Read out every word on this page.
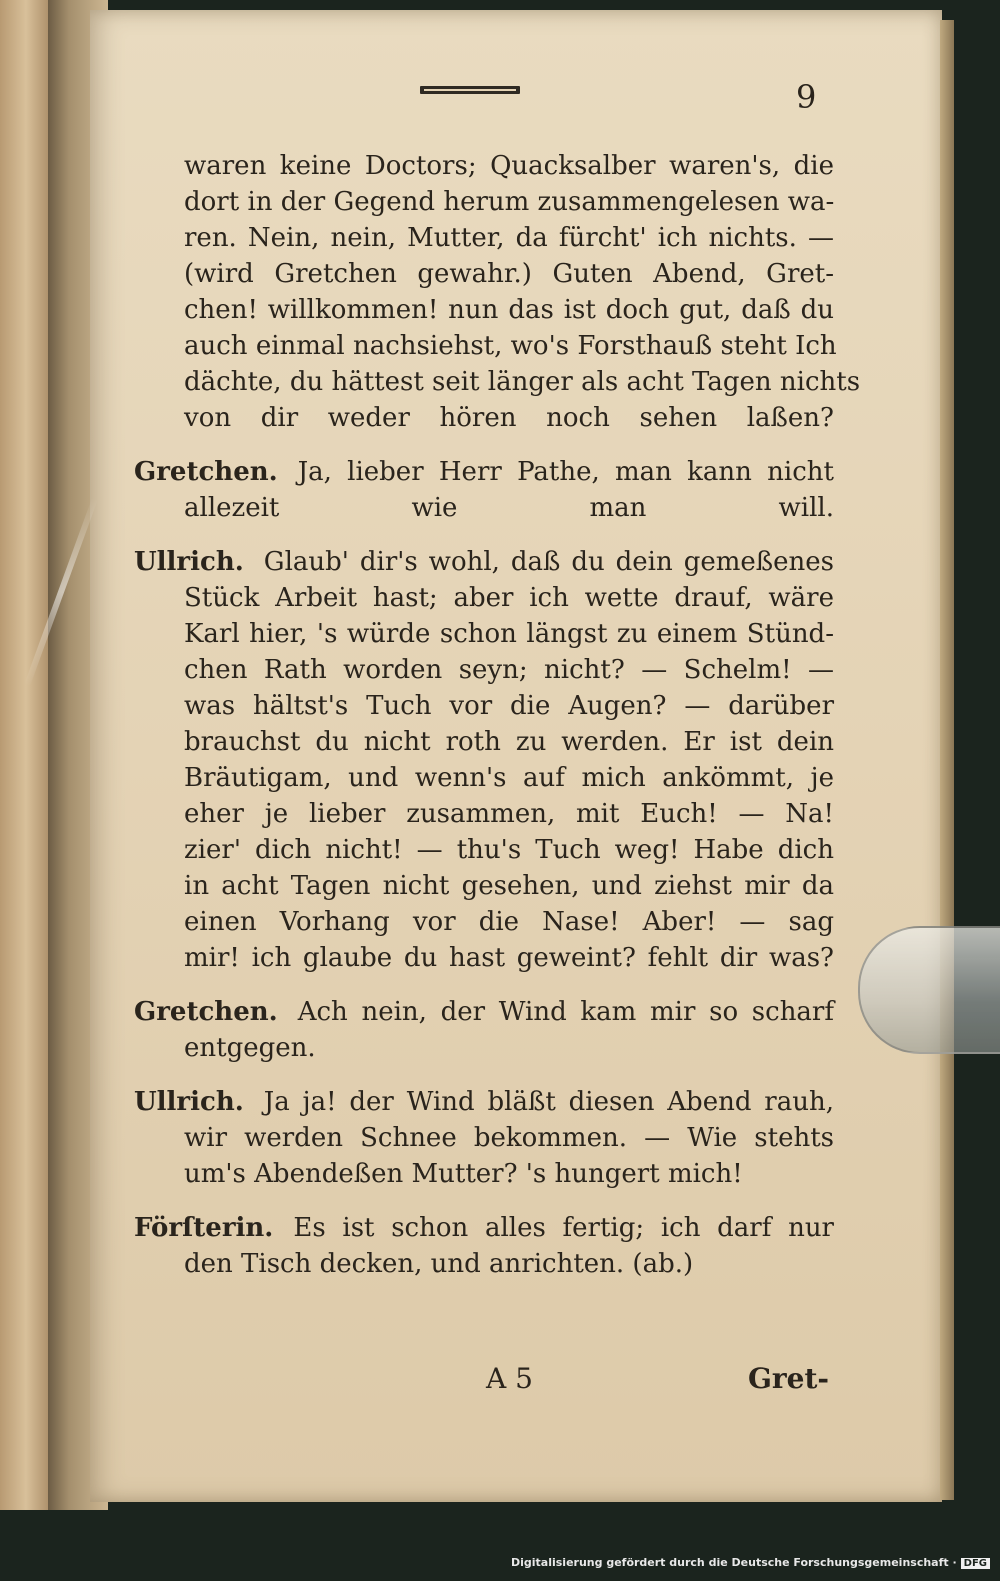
9
waren keine Doctors; Quacksalber waren's, die
dort in der Gegend herum zusammengelesen wa-
ren. Nein, nein, Mutter, da fürcht' ich nichts. —
(wird Gretchen gewahr.) Guten Abend, Gret-
chen! willkommen! nun das ist doch gut, daß du
auch einmal nachsiehst, wo's Forsthauß steht Ich
dächte, du hättest seit länger als acht Tagen nichts
von dir weder hören noch sehen laßen?
Gretchen. Ja, lieber Herr Pathe, man kann nicht
allezeit wie man will.
Ullrich. Glaub' dir's wohl, daß du dein gemeßenes
Stück Arbeit hast; aber ich wette drauf, wäre
Karl hier, 's würde schon längst zu einem Stünd-
chen Rath worden seyn; nicht? — Schelm! —
was hältst's Tuch vor die Augen? — darüber
brauchst du nicht roth zu werden. Er ist dein
Bräutigam, und wenn's auf mich ankömmt, je
eher je lieber zusammen, mit Euch! — Na!
zier' dich nicht! — thu's Tuch weg! Habe dich
in acht Tagen nicht gesehen, und ziehst mir da
einen Vorhang vor die Nase! Aber! — sag
mir! ich glaube du hast geweint? fehlt dir was?
Gretchen. Ach nein, der Wind kam mir so scharf
entgegen.
Ullrich. Ja ja! der Wind bläßt diesen Abend rauh,
wir werden Schnee bekommen. — Wie stehts
um's Abendeßen Mutter? 's hungert mich!
Förſterin. Es ist schon alles fertig; ich darf nur
den Tisch decken, und anrichten. (ab.)
A 5	Gret-
Digitalisierung gefördert durch die Deutsche Forschungsgemeinschaft · DFG
